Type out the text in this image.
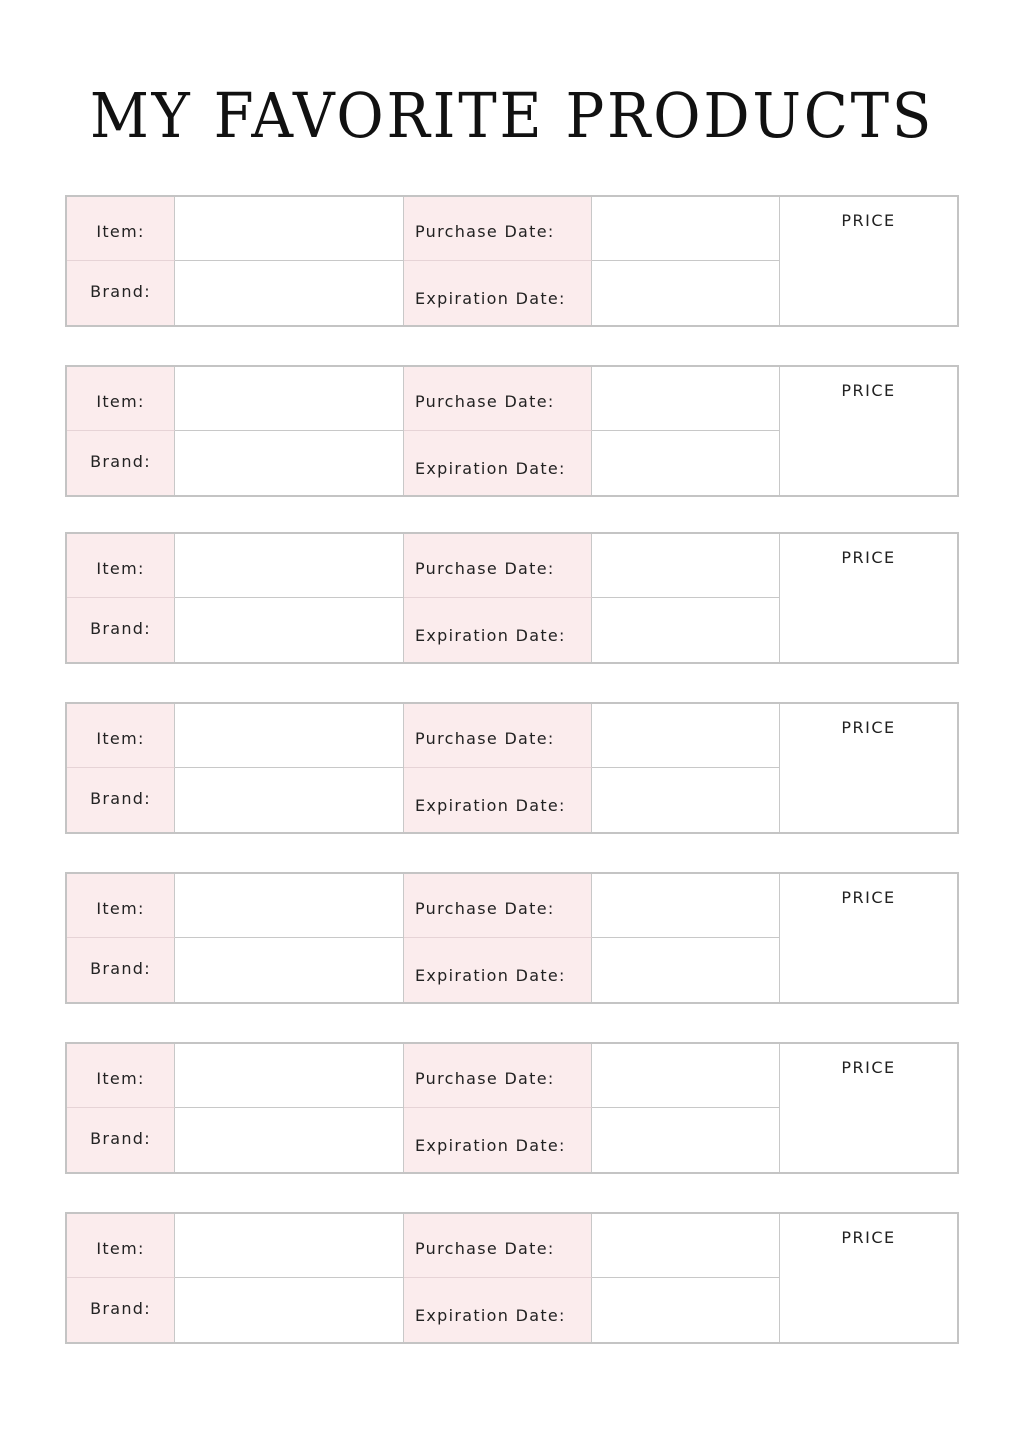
MY FAVORITE PRODUCTS
Item:	Purchase Date:
PRICE
Brand:	Expiration Date:
Item:	Purchase Date:
PRICE
Brand:	Expiration Date:
Item:	Purchase Date:
PRICE
Brand:	Expiration Date:
Item:	Purchase Date:
PRICE
Brand:	Expiration Date:
Item:	Purchase Date:
PRICE
Brand:	Expiration Date:
Item:	Purchase Date:
PRICE
Brand:	Expiration Date:
Item:	Purchase Date:
PRICE
Brand:	Expiration Date:
